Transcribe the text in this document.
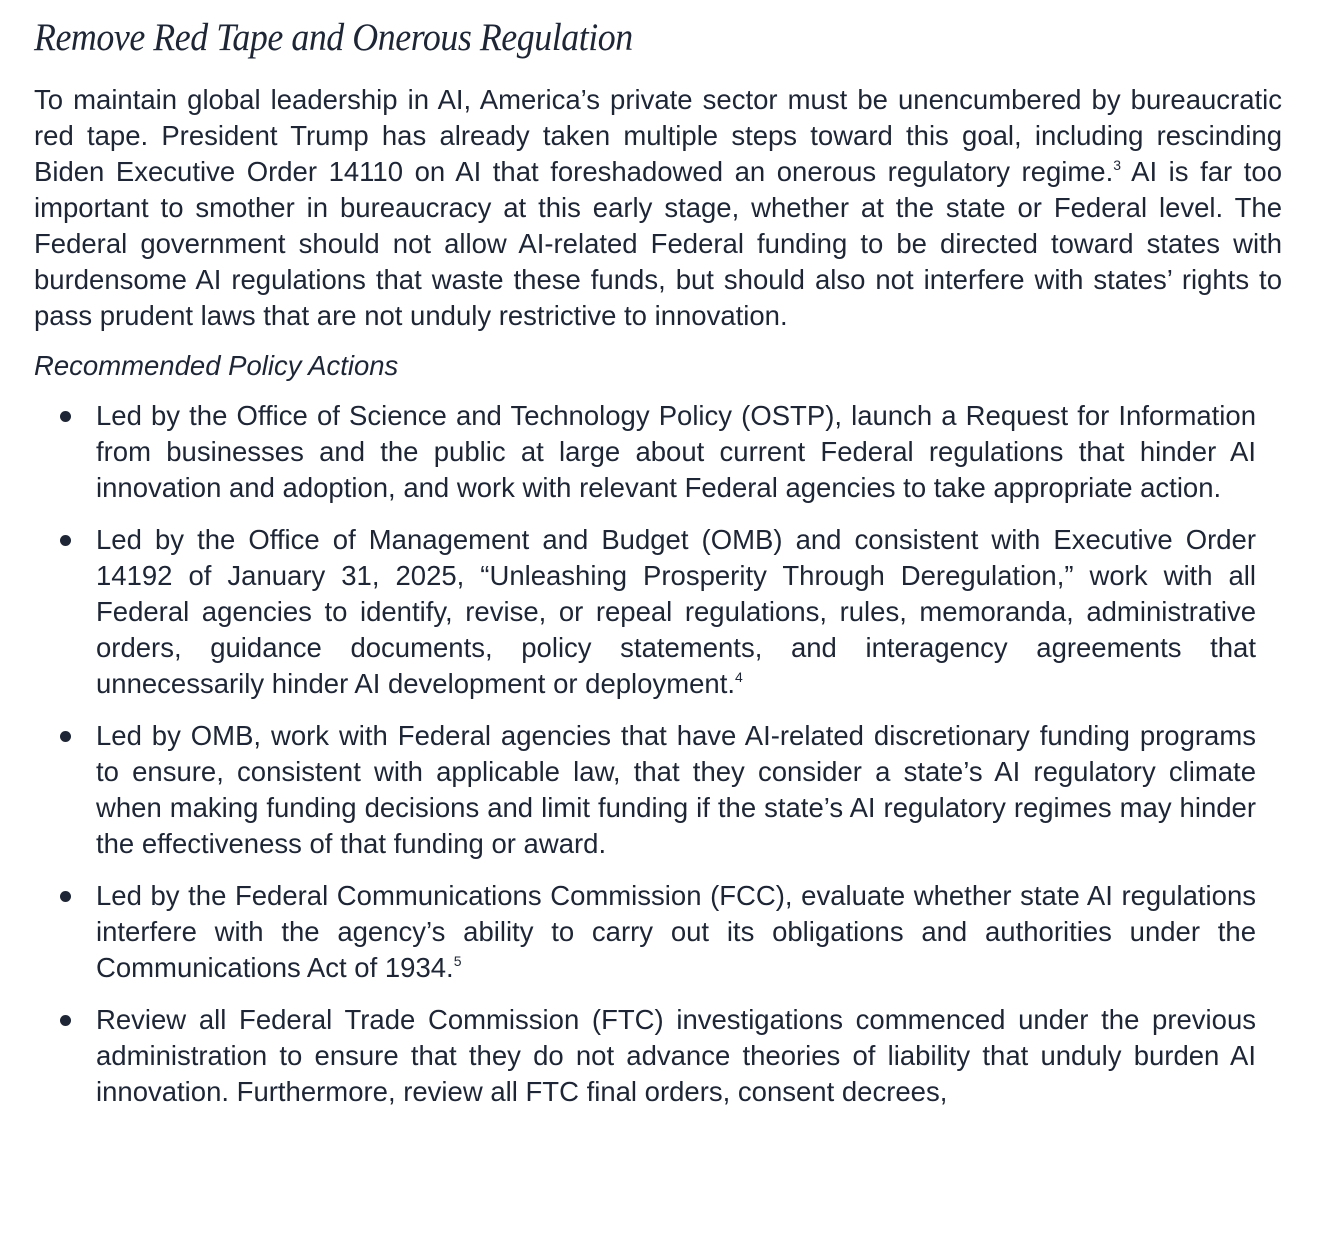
Remove Red Tape and Onerous Regulation

To maintain global leadership in AI, America’s private sector must be unencumbered by bureaucratic red tape. President Trump has already taken multiple steps toward this goal, including rescinding Biden Executive Order 14110 on AI that foreshadowed an onerous regulatory regime.$^3$ AI is far too important to smother in bureaucracy at this early stage, whether at the state or Federal level. The Federal government should not allow AI-related Federal funding to be directed toward states with burdensome AI regulations that waste these funds, but should also not interfere with states’ rights to pass prudent laws that are not unduly restrictive to innovation.

Recommended Policy Actions

Led by the Office of Science and Technology Policy (OSTP), launch a Request for Information from businesses and the public at large about current Federal regulations that hinder AI innovation and adoption, and work with relevant Federal agencies to take appropriate action.
Led by the Office of Management and Budget (OMB) and consistent with Executive Order 14192 of January 31, 2025, “Unleashing Prosperity Through Deregulation,” work with all Federal agencies to identify, revise, or repeal regulations, rules, memoranda, administrative orders, guidance documents, policy statements, and interagency agreements that unnecessarily hinder AI development or deployment.$^4$
Led by OMB, work with Federal agencies that have AI-related discretionary funding programs to ensure, consistent with applicable law, that they consider a state’s AI regulatory climate when making funding decisions and limit funding if the state’s AI regulatory regimes may hinder the effectiveness of that funding or award.
Led by the Federal Communications Commission (FCC), evaluate whether state AI regulations interfere with the agency’s ability to carry out its obligations and authorities under the Communications Act of 1934.$^5$
Review all Federal Trade Commission (FTC) investigations commenced under the previous administration to ensure that they do not advance theories of liability that unduly burden AI innovation. Furthermore, review all FTC final orders, consent decrees,
